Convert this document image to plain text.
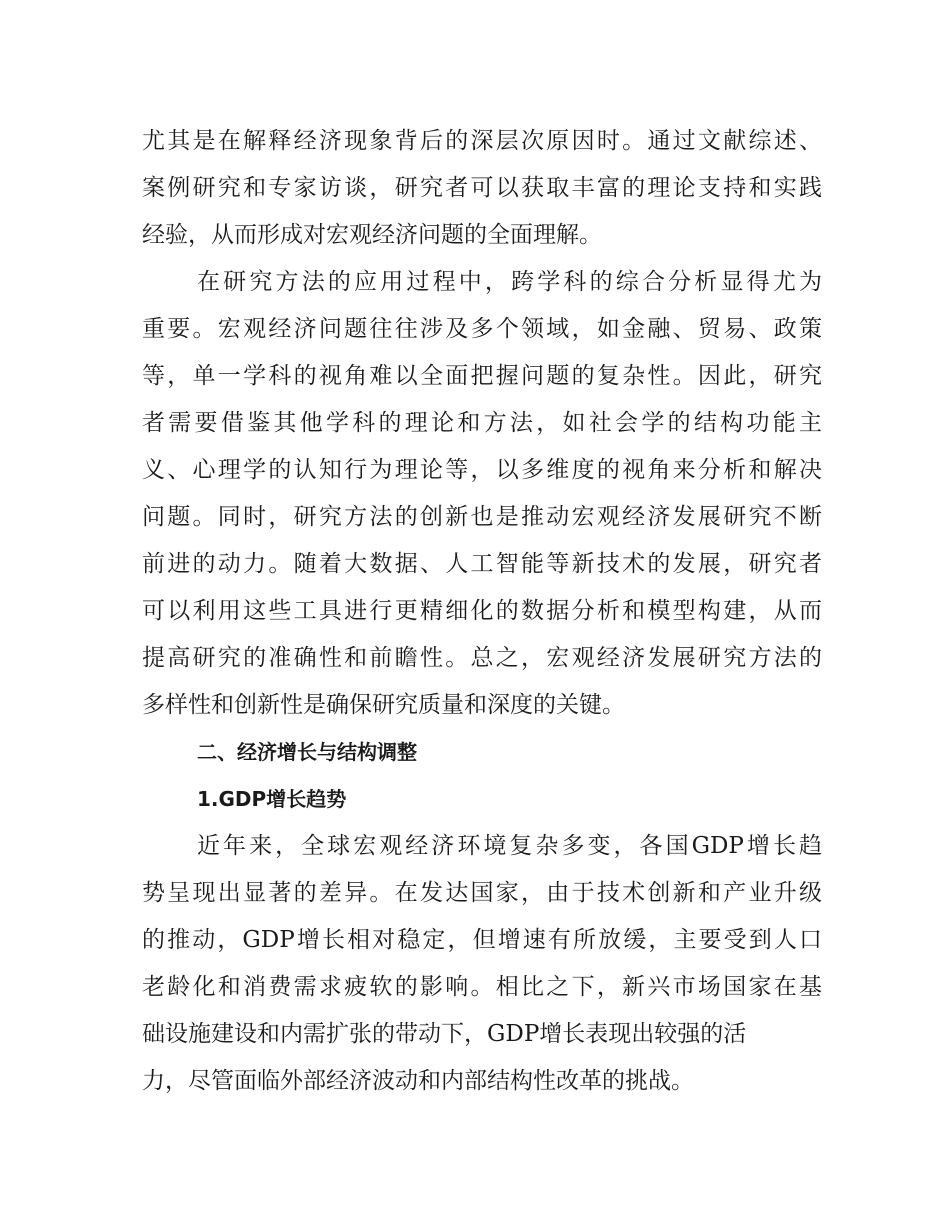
尤其是在解释经济现象背后的深层次原因时。通过文献综述、
案例研究和专家访谈，研究者可以获取丰富的理论支持和实践
经验，从而形成对宏观经济问题的全面理解。
在研究方法的应用过程中，跨学科的综合分析显得尤为
重要。宏观经济问题往往涉及多个领域，如金融、贸易、政策
等，单一学科的视角难以全面把握问题的复杂性。因此，研究
者需要借鉴其他学科的理论和方法，如社会学的结构功能主
义、心理学的认知行为理论等，以多维度的视角来分析和解决
问题。同时，研究方法的创新也是推动宏观经济发展研究不断
前进的动力。随着大数据、人工智能等新技术的发展，研究者
可以利用这些工具进行更精细化的数据分析和模型构建，从而
提高研究的准确性和前瞻性。总之，宏观经济发展研究方法的
多样性和创新性是确保研究质量和深度的关键。
二、经济增长与结构调整
1.GDP增长趋势
近年来，全球宏观经济环境复杂多变，各国GDP增长趋
势呈现出显著的差异。在发达国家，由于技术创新和产业升级
的推动，GDP增长相对稳定，但增速有所放缓，主要受到人口
老龄化和消费需求疲软的影响。相比之下，新兴市场国家在基
础设施建设和内需扩张的带动下，GDP增长表现出较强的活
力，尽管面临外部经济波动和内部结构性改革的挑战。
